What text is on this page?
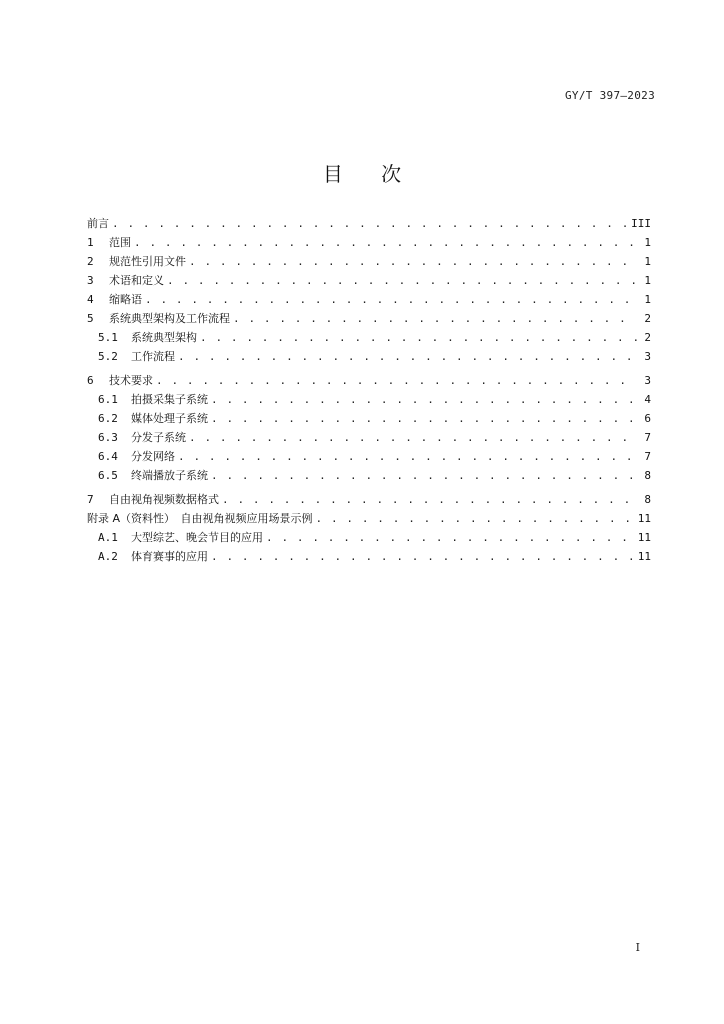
GY/T 397—2023
目 次
前言 . . .	III
1	范围 . . .	1
2	规范性引用文件 . . .	1
3	术语和定义 . . .	1
4	缩略语 . . .	1
5	系统典型架构及工作流程 . . .	2
5.1	系统典型架构 . . .	2
5.2	工作流程 . . .	3
6	技术要求 . . .	3
6.1	拍摄采集子系统 . . .	4
6.2	媒体处理子系统 . . .	6
6.3	分发子系统 . . .	7
6.4	分发网络 . . .	7
6.5	终端播放子系统 . . .	8
7	自由视角视频数据格式 . . .	8
附录 A（资料性）　自由视角视频应用场景示例 . . .	11
A.1	大型综艺、晚会节目的应用 . . .	11
A.2	体育赛事的应用 . . .	11
I
